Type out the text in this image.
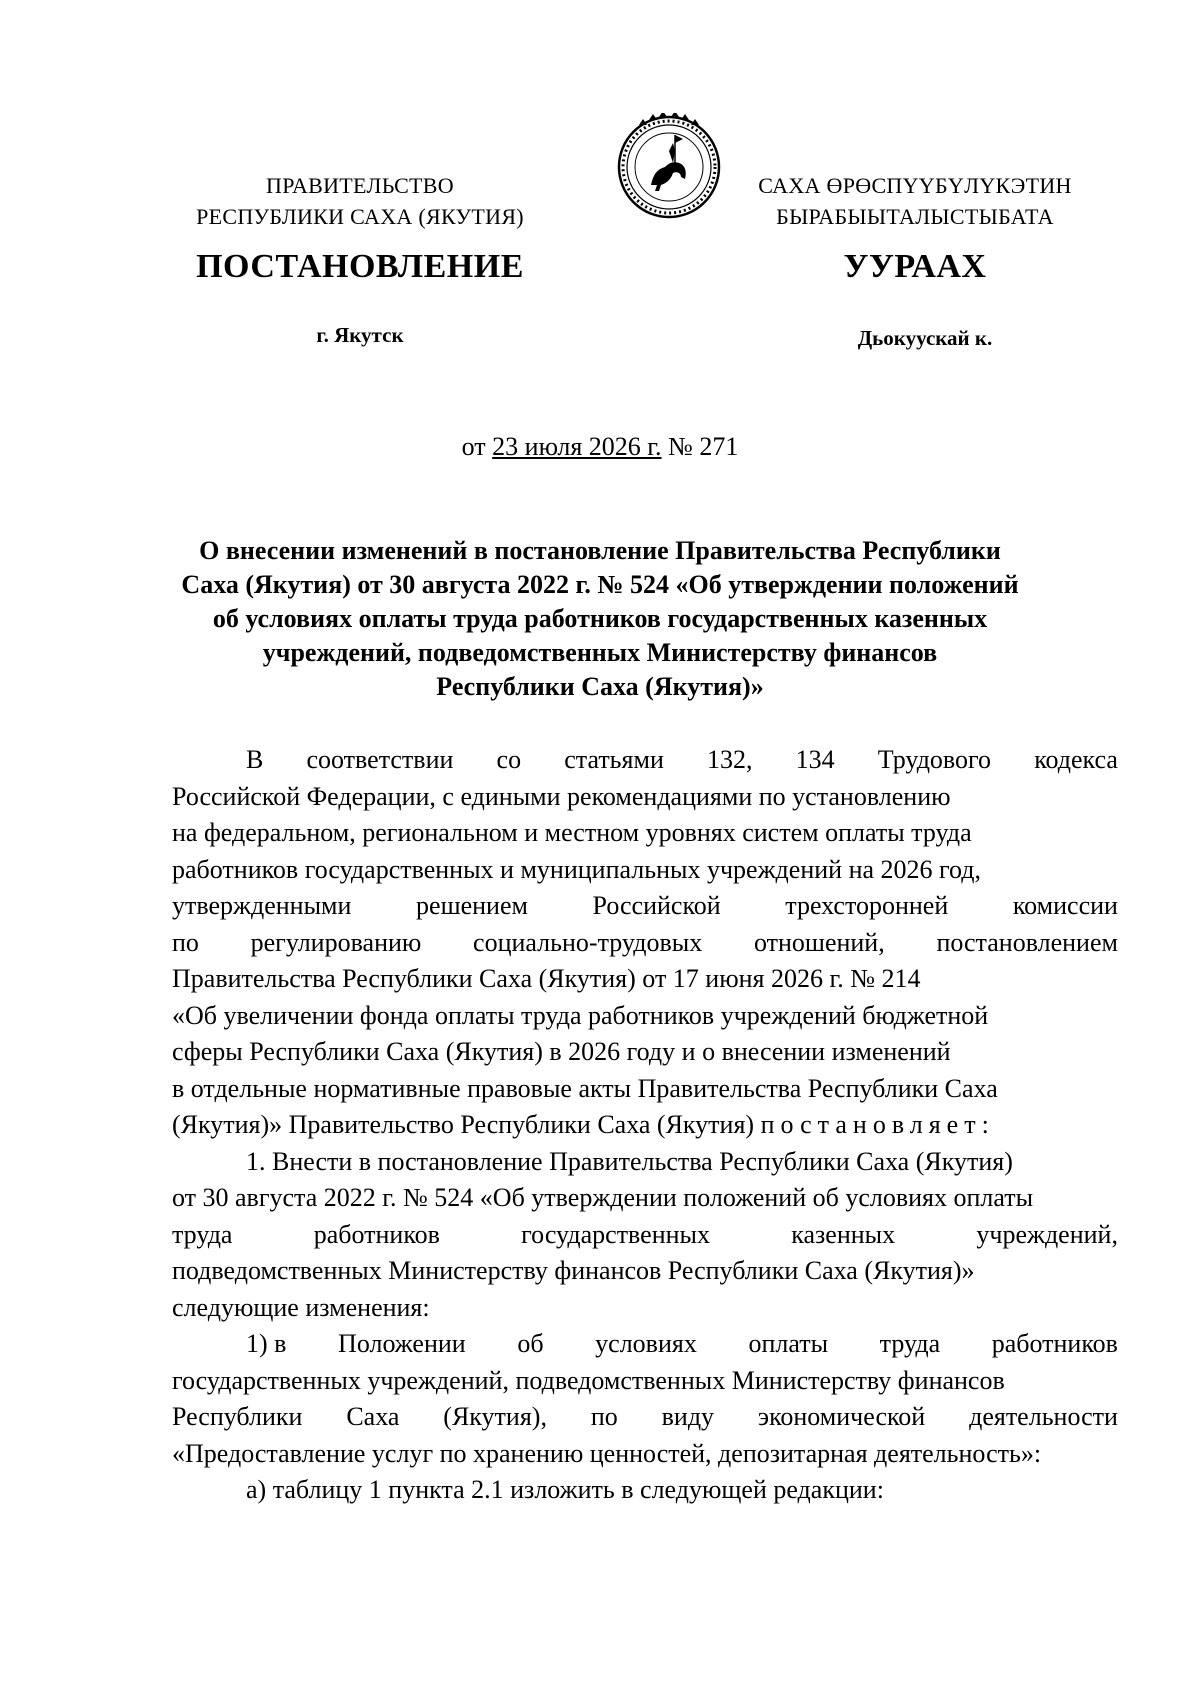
ПРАВИТЕЛЬСТВО
РЕСПУБЛИКИ САХА (ЯКУТИЯ)
САХА ӨРӨСПҮҮБҮЛҮКЭТИН
БЫРАБЫЫТАЛЫСТЫБАТА
ПОСТАНОВЛЕНИЕ	УУРААХ
г. Якутск	Дьокуускай к.
от 23 июля 2026 г. № 271
О внесении изменений в постановление Правительства Республики
Саха (Якутия) от 30 августа 2022 г. № 524 «Об утверждении положений
об условиях оплаты труда работников государственных казенных
учреждений, подведомственных Министерству финансов
Республики Саха (Якутия)»
В соответствии со статьями 132, 134 Трудового кодекса
Российской Федерации, с едиными рекомендациями по установлению
на федеральном, региональном и местном уровнях систем оплаты труда
работников государственных и муниципальных учреждений на 2026 год,
утвержденными решением Российской трехсторонней комиссии
по регулированию социально-трудовых отношений, постановлением
Правительства Республики Саха (Якутия) от 17 июня 2026 г. № 214
«Об увеличении фонда оплаты труда работников учреждений бюджетной
сферы Республики Саха (Якутия) в 2026 году и о внесении изменений
в отдельные нормативные правовые акты Правительства Республики Саха
(Якутия)» Правительство Республики Саха (Якутия) постановляет:
1. Внести в постановление Правительства Республики Саха (Якутия)
от 30 августа 2022 г. № 524 «Об утверждении положений об условиях оплаты
труда	работников	государственных	казенных	учреждений,
подведомственных Министерству финансов Республики Саха (Якутия)»
следующие изменения:
1) в Положении об условиях оплаты труда работников
государственных учреждений, подведомственных Министерству финансов
Республики Саха (Якутия), по виду экономической деятельности
«Предоставление услуг по хранению ценностей, депозитарная деятельность»:
а) таблицу 1 пункта 2.1 изложить в следующей редакции:
